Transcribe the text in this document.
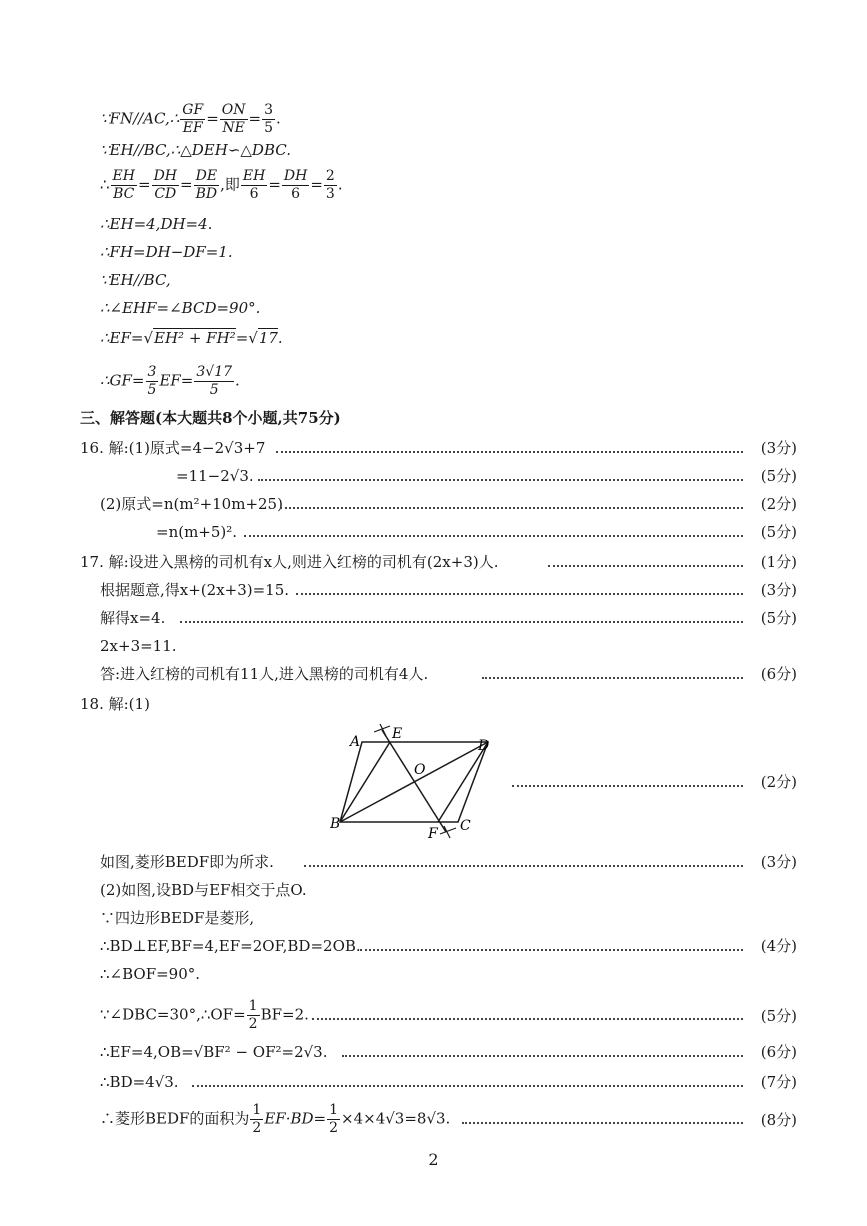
∵FN//AC,∴ $\frac{GF}{EF} = \frac{ON}{NE} = \frac{3}{5}$ .
∵EH//BC,∴△DEH∽△DBC.
∴ $\frac{EH}{BC} = \frac{DH}{CD} = \frac{DE}{BD}$ ,即 $\frac{EH}{6} = \frac{DH}{6} = \frac{2}{3}$ .
∴EH=4,DH=4.
∴FH=DH−DF=1.
∵EH//BC,
∴∠EHF=∠BCD=90°.
∴EF=√EH² + FH²=√17.
∴GF= $\frac{3}{5} EF= \frac{3√17}{5}$ .
三、解答题(本大题共8个小题,共75分)
16. 解:(1)原式=4−2√3+7	(3分)
=11−2√3.	(5分)
(2)原式=n(m²+10m+25)	(2分)
=n(m+5)².	(5分)
17. 解:设进入黑榜的司机有x人,则进入红榜的司机有(2x+3)人.	(1分)
根据题意,得x+(2x+3)=15.	(3分)
解得x=4.	(5分)
2x+3=11.
答:进入红榜的司机有11人,进入黑榜的司机有4人.	(6分)
18. 解:(1)
A E
D
O
B
F C
(2分)
如图,菱形BEDF即为所求.	(3分)
(2)如图,设BD与EF相交于点O.
∵四边形BEDF是菱形,
∴BD⊥EF,BF=4,EF=2OF,BD=2OB.	(4分)
∴∠BOF=90°.
∵∠DBC=30°,∴OF= $\frac{1}{2} BF=2$.	(5分)
∴EF=4,OB=√BF² − OF²=2√3.	(6分)
∴BD=4√3.	(7分)
∴菱形BEDF的面积为 $\frac{1}{2} EF\cdot BD= \frac{1}{2} \times 4\times 4√3=8√3$.	(8分)
2
